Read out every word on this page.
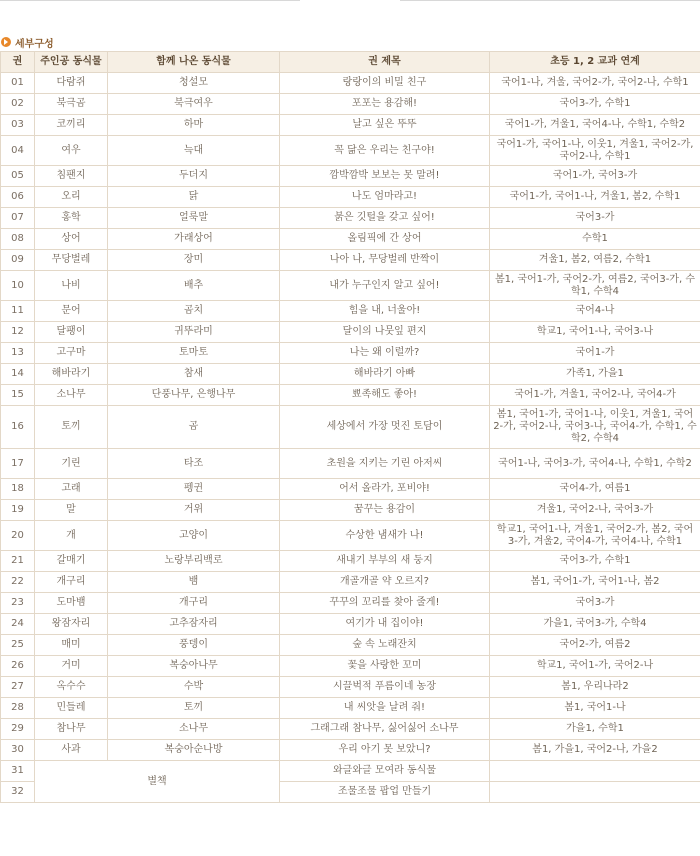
세부구성
권	주인공 동식물	함께 나온 동식물	권 제목	초등 1, 2 교과 연계
01	다람쥐	청설모	랑랑이의 비밀 친구	국어1-나, 겨울, 국어2-가, 국어2-나, 수학1
02	북극곰	북극여우	포포는 용감해!	국어3-가, 수학1
03	코끼리	하마	날고 싶은 뚜뚜	국어1-가, 겨울1, 국어4-나, 수학1, 수학2
04	여우	늑대	꼭 닮은 우리는 친구야!	국어1-가, 국어1-나, 이웃1, 겨울1, 국어2-가, 국어2-나, 수학1
05	침팬지	두더지	깜박깜박 보보는 못 말려!	국어1-가, 국어3-가
06	오리	닭	나도 엄마라고!	국어1-가, 국어1-나, 겨울1, 봄2, 수학1
07	홍학	얼룩말	붉은 깃털을 갖고 싶어!	국어3-가
08	상어	가래상어	올림픽에 간 상어	수학1
09	무당벌레	장미	나아 나, 무당벌레 반짝이	겨울1, 봄2, 여름2, 수학1
10	나비	배추	내가 누구인지 알고 싶어!	봄1, 국어1-가, 국어2-가, 여름2, 국어3-가, 수학1, 수학4
11	문어	곰치	힘을 내, 너울아!	국어4-나
12	달팽이	귀뚜라미	달이의 나뭇잎 편지	학교1, 국어1-나, 국어3-나
13	고구마	토마토	나는 왜 이럴까?	국어1-가
14	해바라기	참새	해바라기 아빠	가족1, 가을1
15	소나무	단풍나무, 은행나무	뾰족해도 좋아!	국어1-가, 겨울1, 국어2-나, 국어4-가
16	토끼	곰	세상에서 가장 멋진 토담이	봄1, 국어1-가, 국어1-나, 이웃1, 겨울1, 국어2-가, 국어2-나, 국어3-나, 국어4-가, 수학1, 수학2, 수학4
17	기린	타조	초원을 지키는 기린 아저씨	국어1-나, 국어3-가, 국어4-나, 수학1, 수학2
18	고래	펭귄	어서 올라가, 포비야!	국어4-가, 여름1
19	말	거위	꿈꾸는 용감이	겨울1, 국어2-나, 국어3-가
20	개	고양이	수상한 냄새가 나!	학교1, 국어1-나, 겨울1, 국어2-가, 봄2, 국어3-가, 겨울2, 국어4-가, 국어4-나, 수학1
21	갈매기	노랑부리백로	새내기 부부의 새 둥지	국어3-가, 수학1
22	개구리	뱀	개골개골 약 오르지?	봄1, 국어1-가, 국어1-나, 봄2
23	도마뱀	개구리	꾸꾸의 꼬리를 찾아 줄게!	국어3-가
24	왕잠자리	고추잠자리	여기가 내 집이야!	가을1, 국어3-가, 수학4
25	매미	풍뎅이	숲 속 노래잔치	국어2-가, 여름2
26	거미	복숭아나무	꽃을 사랑한 꼬미	학교1, 국어1-가, 국어2-나
27	옥수수	수박	시끌벅적 푸름이네 농장	봄1, 우리나라2
28	민들레	토끼	내 씨앗을 날려 줘!	봄1, 국어1-나
29	참나무	소나무	그래그래 참나무, 싫어싫어 소나무	가을1, 수학1
30	사과	복숭아순나방	우리 아기 못 보았니?	봄1, 가을1, 국어2-나, 가을2
31	별책		와글와글 모여라 동식물	
32			조물조물 팝업 만들기	
